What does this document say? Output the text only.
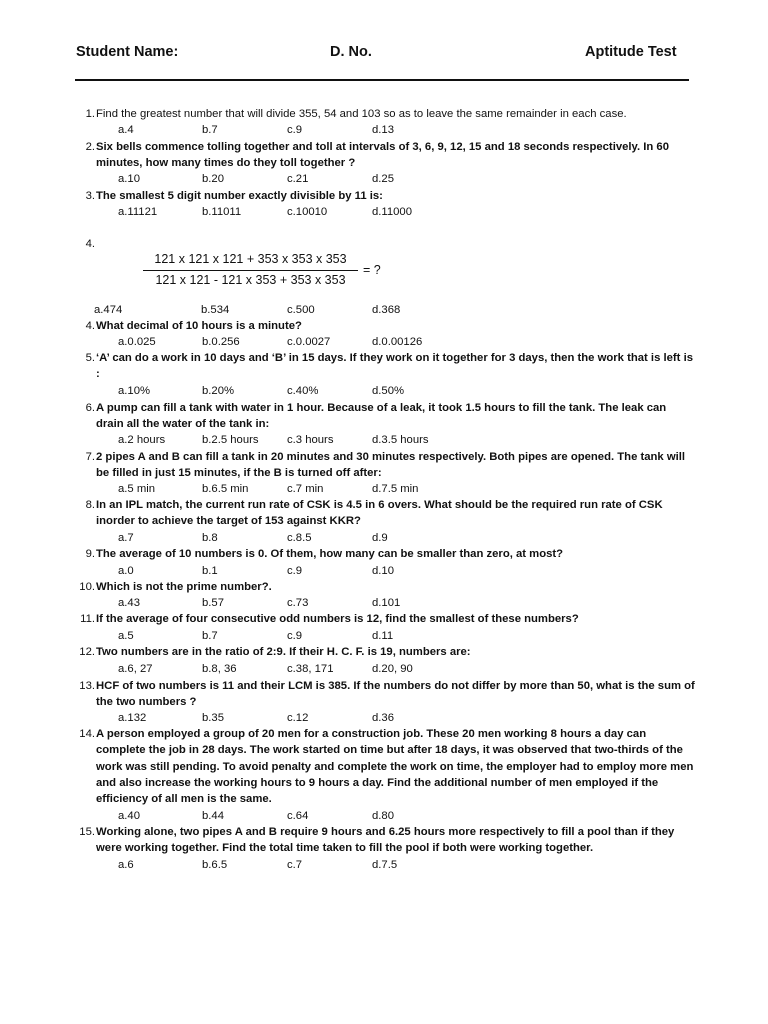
Student Name:	D. No.	Aptitude Test
1. Find the greatest number that will divide 355, 54 and 103 so as to leave the same remainder in each case.
a.4	b.7	c.9	d.13
2. Six bells commence tolling together and toll at intervals of 3, 6, 9, 12, 15 and 18 seconds respectively. In 60 minutes, how many times do they toll together ?
a.10	b.20	c.21	d.25
3. The smallest 5 digit number exactly divisible by 11 is:
a.11121	b.11011	c.10010	d.11000
4.
121 x 121 x 121 + 353 x 353 x 353
121 x 121 - 121 x 353 + 353 x 353
= ?
a.474	b.534	c.500	d.368
4. What decimal of 10 hours is a minute?
a.0.025	b.0.256	c.0.0027	d.0.00126
5. ‘A’ can do a work in 10 days and ‘B’ in 15 days. If they work on it together for 3 days, then the work that is left is :
a.10%	b.20%	c.40%	d.50%
6. A pump can fill a tank with water in 1 hour. Because of a leak, it took 1.5 hours to fill the tank. The leak can drain all the water of the tank in:
a.2 hours	b.2.5 hours	c.3 hours	d.3.5 hours
7. 2 pipes A and B can fill a tank in 20 minutes and 30 minutes respectively. Both pipes are opened. The tank will be filled in just 15 minutes, if the B is turned off after:
a.5 min	b.6.5 min	c.7 min	d.7.5 min
8. In an IPL match, the current run rate of CSK is 4.5 in 6 overs. What should be the required run rate of CSK inorder to achieve the target of 153 against KKR?
a.7	b.8	c.8.5	d.9
9. The average of 10 numbers is 0. Of them, how many can be smaller than zero, at most?
a.0	b.1	c.9	d.10
10. Which is not the prime number?.
a.43	b.57	c.73	d.101
11. If the average of four consecutive odd numbers is 12, find the smallest of these numbers?
a.5	b.7	c.9	d.11
12. Two numbers are in the ratio of 2:9. If their H. C. F. is 19, numbers are:
a.6, 27	b.8, 36	c.38, 171	d.20, 90
13. HCF of two numbers is 11 and their LCM is 385. If the numbers do not differ by more than 50, what is the sum of the two numbers ?
a.132	b.35	c.12	d.36
14. A person employed a group of 20 men for a construction job. These 20 men working 8 hours a day can complete the job in 28 days. The work started on time but after 18 days, it was observed that two-thirds of the work was still pending. To avoid penalty and complete the work on time, the employer had to employ more men and also increase the working hours to 9 hours a day. Find the additional number of men employed if the efficiency of all men is the same.
a.40	b.44	c.64	d.80
15. Working alone, two pipes A and B require 9 hours and 6.25 hours more respectively to fill a pool than if they were working together. Find the total time taken to fill the pool if both were working together.
a.6	b.6.5	c.7	d.7.5
